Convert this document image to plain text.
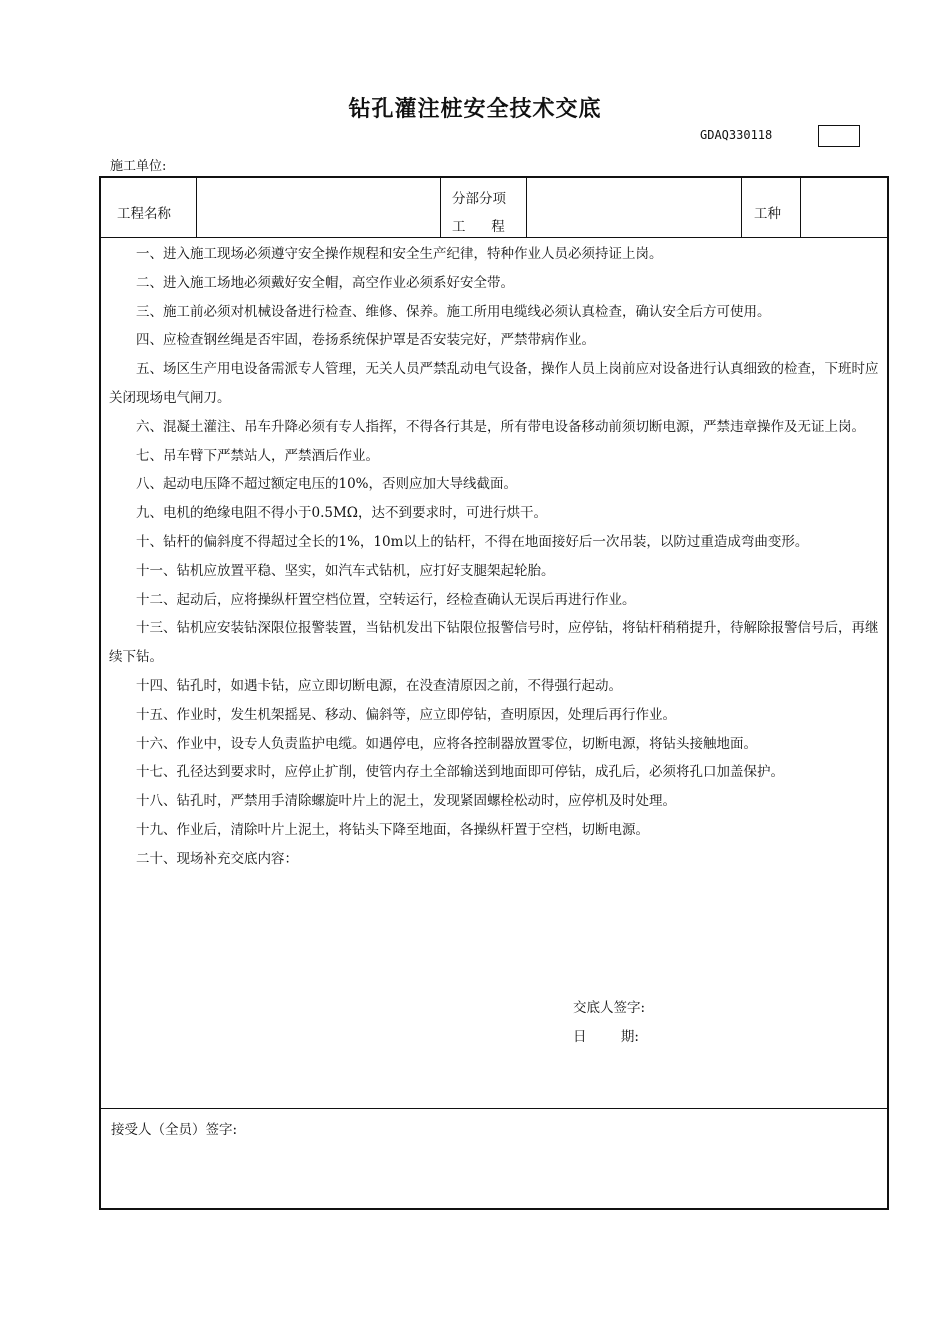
钻孔灌注桩安全技术交底
GDAQ330118
施工单位:
工程名称
分部分项
工      程
工种

一、进入施工现场必须遵守安全操作规程和安全生产纪律，特种作业人员必须持证上岗。

二、进入施工场地必须戴好安全帽，高空作业必须系好安全带。

三、施工前必须对机械设备进行检查、维修、保养。施工所用电缆线必须认真检查，确认安全后方可使用。

四、应检查钢丝绳是否牢固，卷扬系统保护罩是否安装完好，严禁带病作业。

五、场区生产用电设备需派专人管理，无关人员严禁乱动电气设备，操作人员上岗前应对设备进行认真细致的检查，下班时应关闭现场电气闸刀。

六、混凝土灌注、吊车升降必须有专人指挥，不得各行其是，所有带电设备移动前须切断电源，严禁违章操作及无证上岗。

七、吊车臂下严禁站人，严禁酒后作业。

八、起动电压降不超过额定电压的10%，否则应加大导线截面。

九、电机的绝缘电阻不得小于0.5MΩ，达不到要求时，可进行烘干。

十、钻杆的偏斜度不得超过全长的1%，10m以上的钻杆，不得在地面接好后一次吊装，以防过重造成弯曲变形。

十一、钻机应放置平稳、坚实，如汽车式钻机，应打好支腿架起轮胎。

十二、起动后，应将操纵杆置空档位置，空转运行，经检查确认无误后再进行作业。

十三、钻机应安装钻深限位报警装置，当钻机发出下钻限位报警信号时，应停钻，将钻杆稍稍提升，待解除报警信号后，再继续下钻。

十四、钻孔时，如遇卡钻，应立即切断电源，在没查清原因之前，不得强行起动。

十五、作业时，发生机架摇晃、移动、偏斜等，应立即停钻，查明原因，处理后再行作业。

十六、作业中，设专人负责监护电缆。如遇停电，应将各控制器放置零位，切断电源，将钻头接触地面。

十七、孔径达到要求时，应停止扩削，使管内存土全部输送到地面即可停钻，成孔后，必须将孔口加盖保护。

十八、钻孔时，严禁用手清除螺旋叶片上的泥土，发现紧固螺栓松动时，应停机及时处理。

十九、作业后，清除叶片上泥土，将钻头下降至地面，各操纵杆置于空档，切断电源。

二十、现场补充交底内容：

交底人签字:
日        期:
接受人（全员）签字:
